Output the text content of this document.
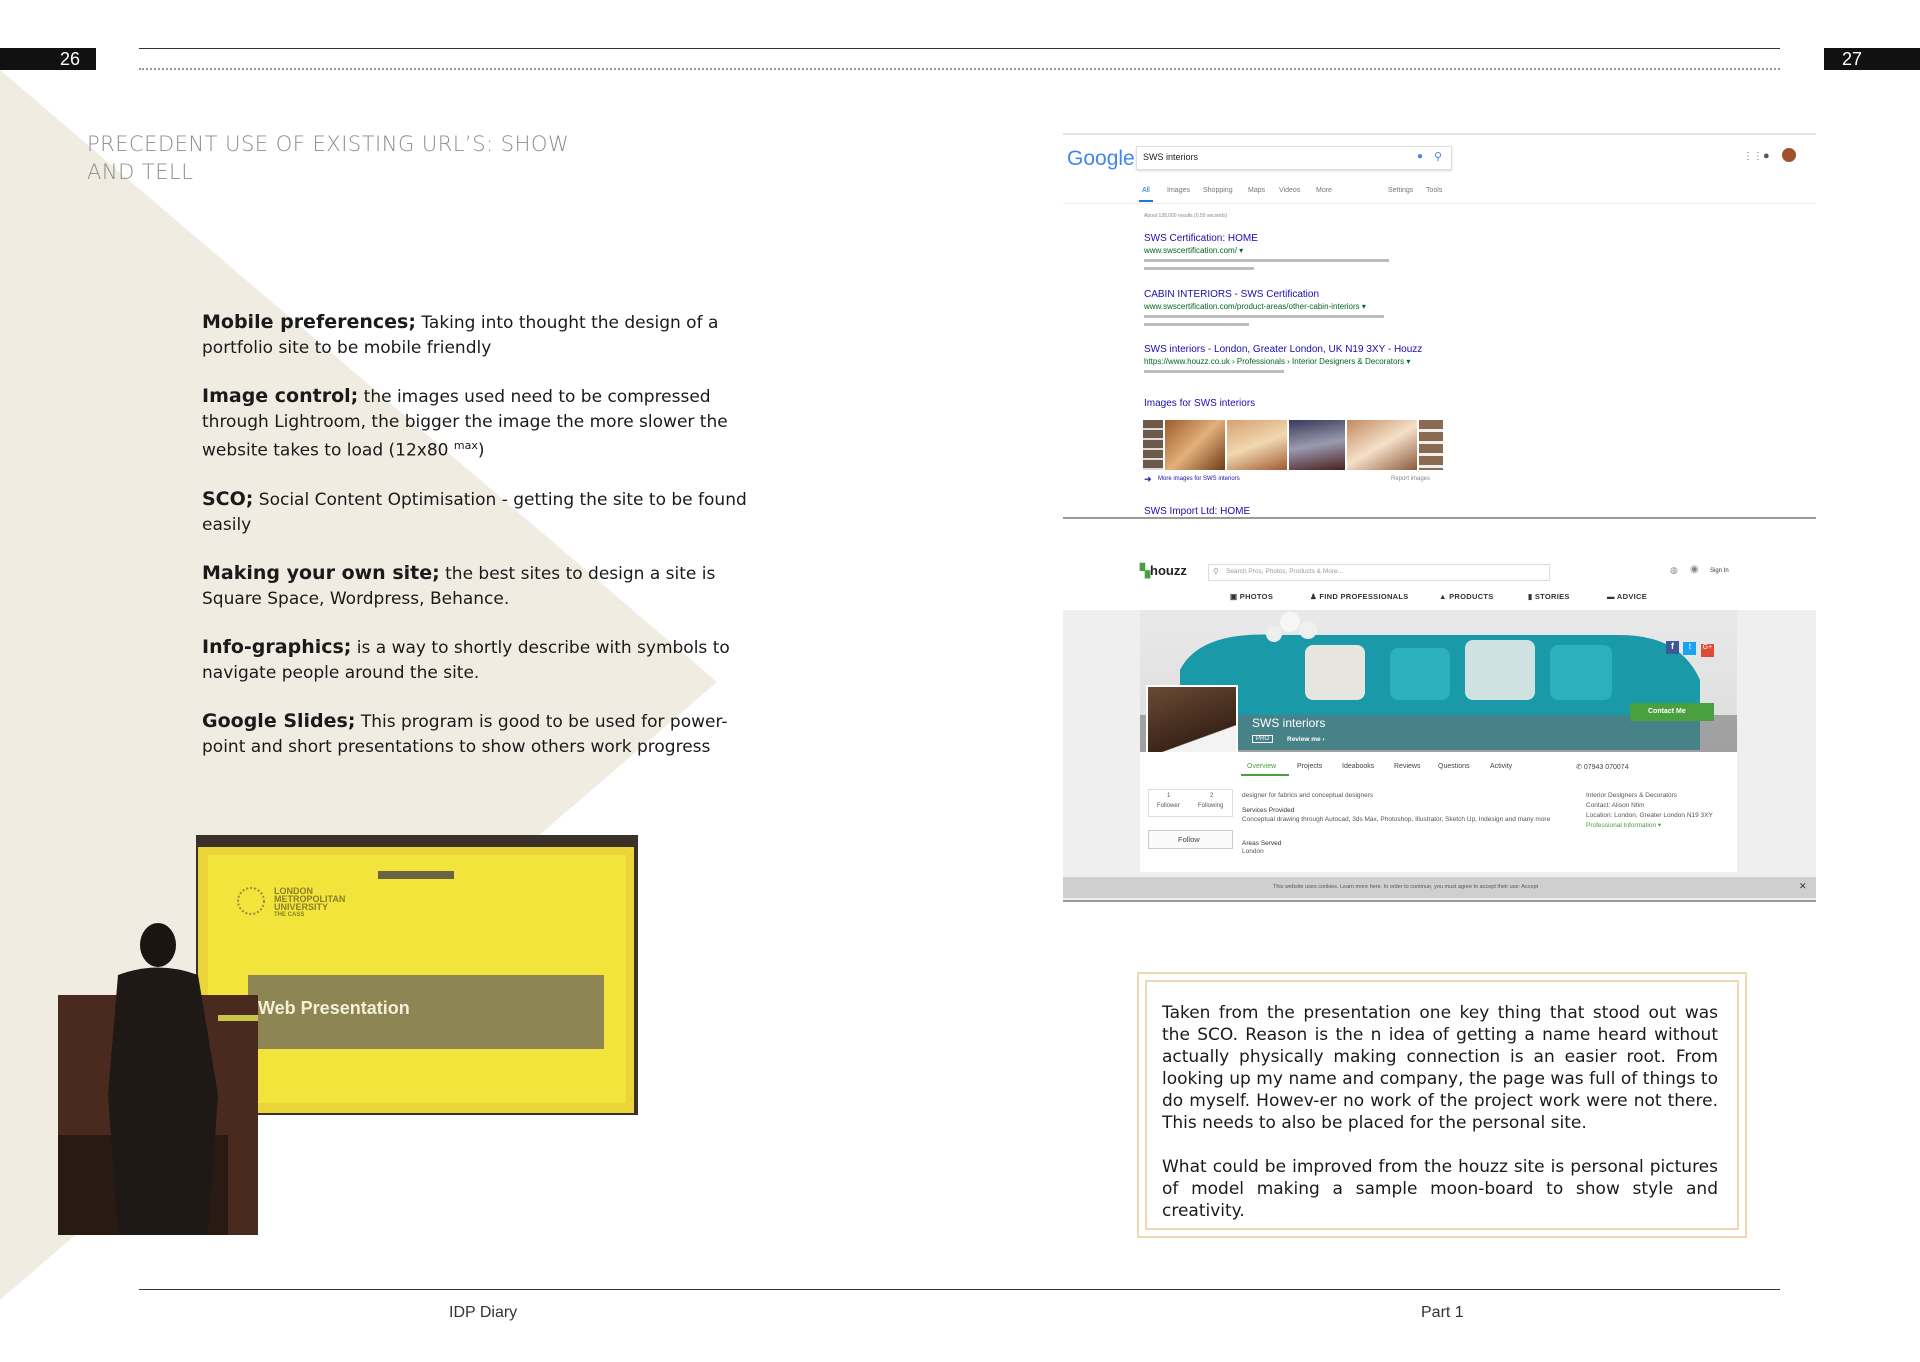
26	27
PRECEDENT USE OF EXISTING URL’S: SHOW AND TELL

Mobile preferences; Taking into thought the design of a portfolio site to be mobile friendly

Image control; the images used need to be compressed through Lightroom, the bigger the image the more slower the website takes to load (12x80 $^{max}$)

SCO; Social Content Optimisation - getting the site to be found easily

Making your own site; the best sites to design a site is Square Space, Wordpress, Behance.

Info-graphics; is a way to shortly describe with symbols to navigate people around the site.

Google Slides; This program is good to be used for power-point and short presentations to show others work progress

LONDON
METROPOLITAN
UNIVERSITY
THE CASS
Web Presentation
Google SWS interiors	● ⚲	⋮⋮ ●
All Images Shopping Maps Videos More	Settings Tools
About 138,000 results (0.59 seconds)
SWS Certification: HOME
www.swscertification.com/ ▾
CABIN INTERIORS - SWS Certification
www.swscertification.com/product-areas/other-cabin-interiors ▾
SWS interiors - London, Greater London, UK N19 3XY - Houzz
https://www.houzz.co.uk › Professionals › Interior Designers & Decorators ▾
Images for SWS interiors
➜ More images for SWS interiors	Report images
SWS Import Ltd: HOME
▚houzz	⚲ Search Pros, Photos, Products & More...	◍ ◉ Sign In
▣ PHOTOS	♟ FIND PROFESSIONALS	▲ PRODUCTS	▮ STORIES	▬ ADVICE
f t G+
SWS interiors
PRO	Review me ›
Contact Me
Overview	Projects	Ideabooks	Reviews	Questions	Activity	✆ 07943 070074
1
Follower
2
Following
Follow
designer for fabrics and conceptual designers
Services Provided
Conceptual drawing through Autocad, 3ds Max, Photoshop, Illustrator, Sketch Up, Indesign and many more
Areas Served
London
Interior Designers & Decorators
Contact: Alison Ntim
Location: London, Greater London N19 3XY
Professional Information ▾
This website uses cookies. Learn more here. In order to continue, you must agree to accept their use: Accept	✕

Taken from the presentation one key thing that stood out was the SCO. Reason is the n idea of getting a name heard without actually physically making connection is an easier root. From looking up my name and company, the page was full of things to do myself. Howev-er no work of the project work were not there. This needs to also be placed for the personal site.

What could be improved from the houzz site is personal pictures of model making a sample moon-board to show style and creativity.

IDP Diary	Part 1
